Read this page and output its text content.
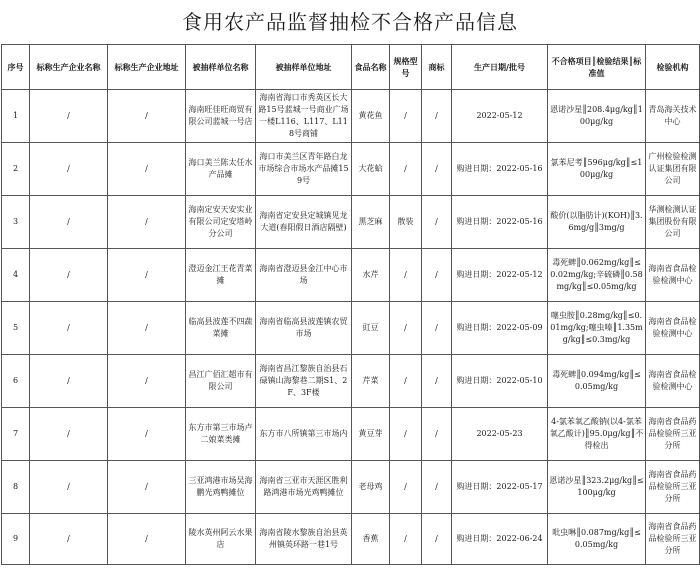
食用农产品监督抽检不合格产品信息
序号	标称生产企业名称	标称生产企业地址	被抽样单位名称	被抽样单位地址	食品名称	规格型号	商标	生产日期/批号	不合格项目║检验结果║标准值	检验机构
1	/	/	海南旺佳旺商贸有限公司蓝城一号店	海南省海口市秀英区长大路15号蓝城一号商业广场一楼L116、L117、L118号商铺	黄花鱼	/	/	2022-05-12	恩诺沙星║208.4μg/kg║100μg/kg	青岛海关技术中心
2	/	/	海口美兰陈太任水产品摊	海口市美兰区青年路白龙市场综合市场水产品摊159号	大花蛤	/	/	购进日期：2022-05-16	氯苯尼考║596μg/kg║≤100μg/kg	广州检验检测认证集团有限公司
3	/	/	海南定安天安实业有限公司定安塔岭分公司	海南省定安县定城镇见龙大道(春阳假日酒店隔壁)	黑芝麻	散装	/	购进日期：2022-05-16	酸价(以脂肪计)(KOH)║3.6mg/g║3mg/g	华测检测认证集团股份有限公司
4	/	/	澄迈金江王花青菜摊	海南省澄迈县金江中心市场	水芹	/	/	购进日期：2022-05-12	毒死蜱║0.062mg/kg║≤0.02mg/kg;辛硫磷║0.58mg/kg║≤0.05mg/kg	海南省食品检验检测中心
5	/	/	临高县波莲不四蔬菜摊	海南省临高县波莲镇农贸市场	豇豆	/	/	购进日期：2022-05-09	噻虫胺║0.28mg/kg║≤0.01mg/kg;噻虫嗪║1.35mg/kg║≤0.3mg/kg	海南省食品检验检测中心
6	/	/	昌江广佰汇超市有限公司	海南省昌江黎族自治县石碌镇山海黎巷二期S1、2F、3F楼	芹菜	/	/	购进日期：2022-05-10	毒死蜱║0.094mg/kg║≤0.05mg/kg	海南省食品检验检测中心
7	/	/	东方市第三市场卢二娘菜类摊	东方市八所镇第三市场内	黄豆芽	/	/	2022-05-23	4-氯苯氧乙酸钠(以4-氯苯氧乙酸计)║95.0μg/kg║不得检出	海南省食品药品检验所三亚分所
8	/	/	三亚鸿港市场吴海鹏光鸡鸭摊位	海南省三亚市天涯区胜利路鸿港市场光鸡鸭摊位	老母鸡	/	/	购进日期：2022-05-17	恩诺沙星║323.2μg/kg║≤100μg/kg	海南省食品药品检验所三亚分所
9	/	/	陵水英州阿云水果店	海南省陵水黎族自治县英州镇英环路一巷1号	香蕉	/	/	购进日期：2022-06-24	吡虫啉║0.087mg/kg║≤0.05mg/kg	海南省食品药品检验所三亚分所
